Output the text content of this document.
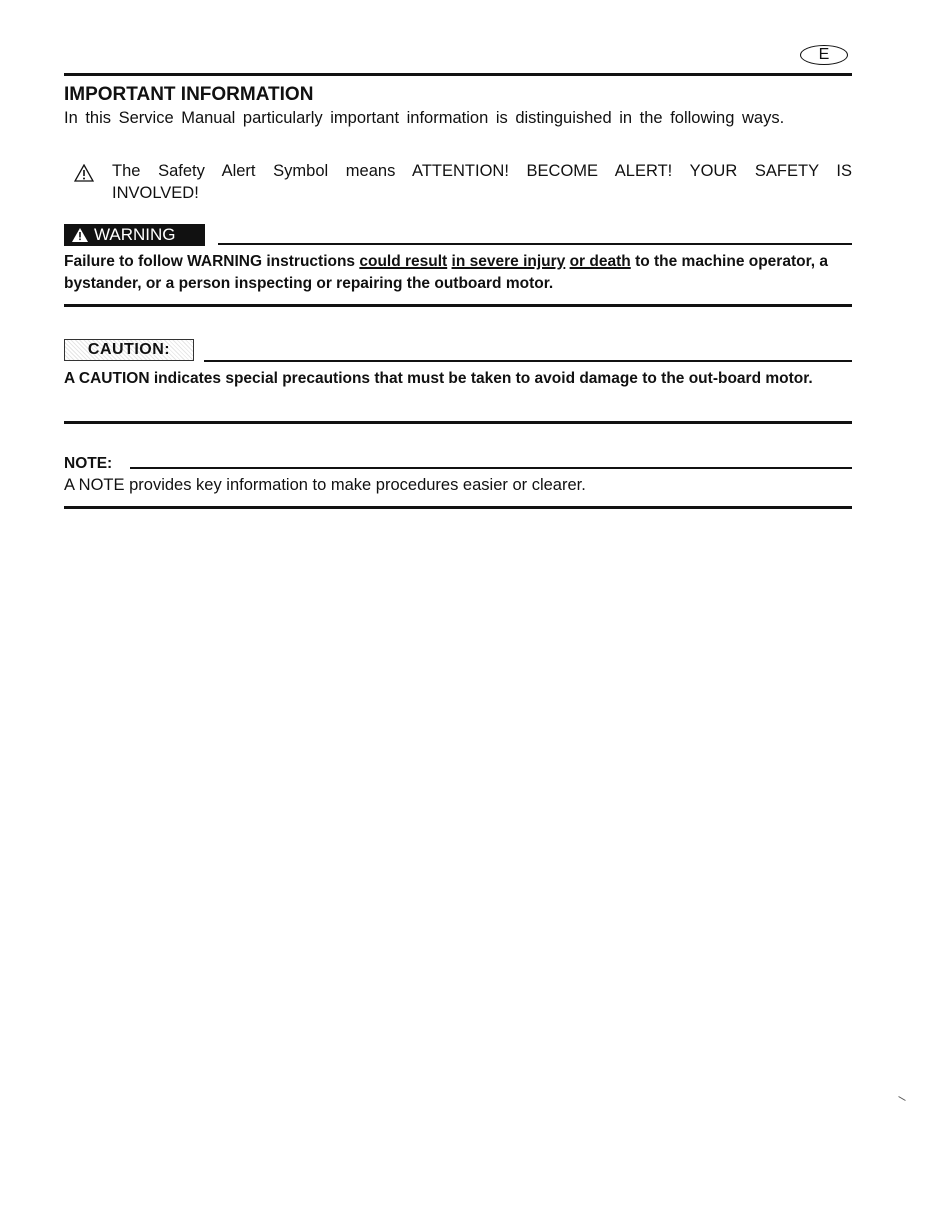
E
IMPORTANT INFORMATION
In this Service Manual particularly important information is distinguished in the following ways.
The Safety Alert Symbol means ATTENTION! BECOME ALERT! YOUR SAFETY IS INVOLVED!
WARNING
Failure to follow WARNING instructions could result in severe injury or death to the machine operator, a bystander, or a person inspecting or repairing the outboard motor.
CAUTION:
A CAUTION indicates special precautions that must be taken to avoid damage to the out-board motor.
NOTE:
A NOTE provides key information to make procedures easier or clearer.
